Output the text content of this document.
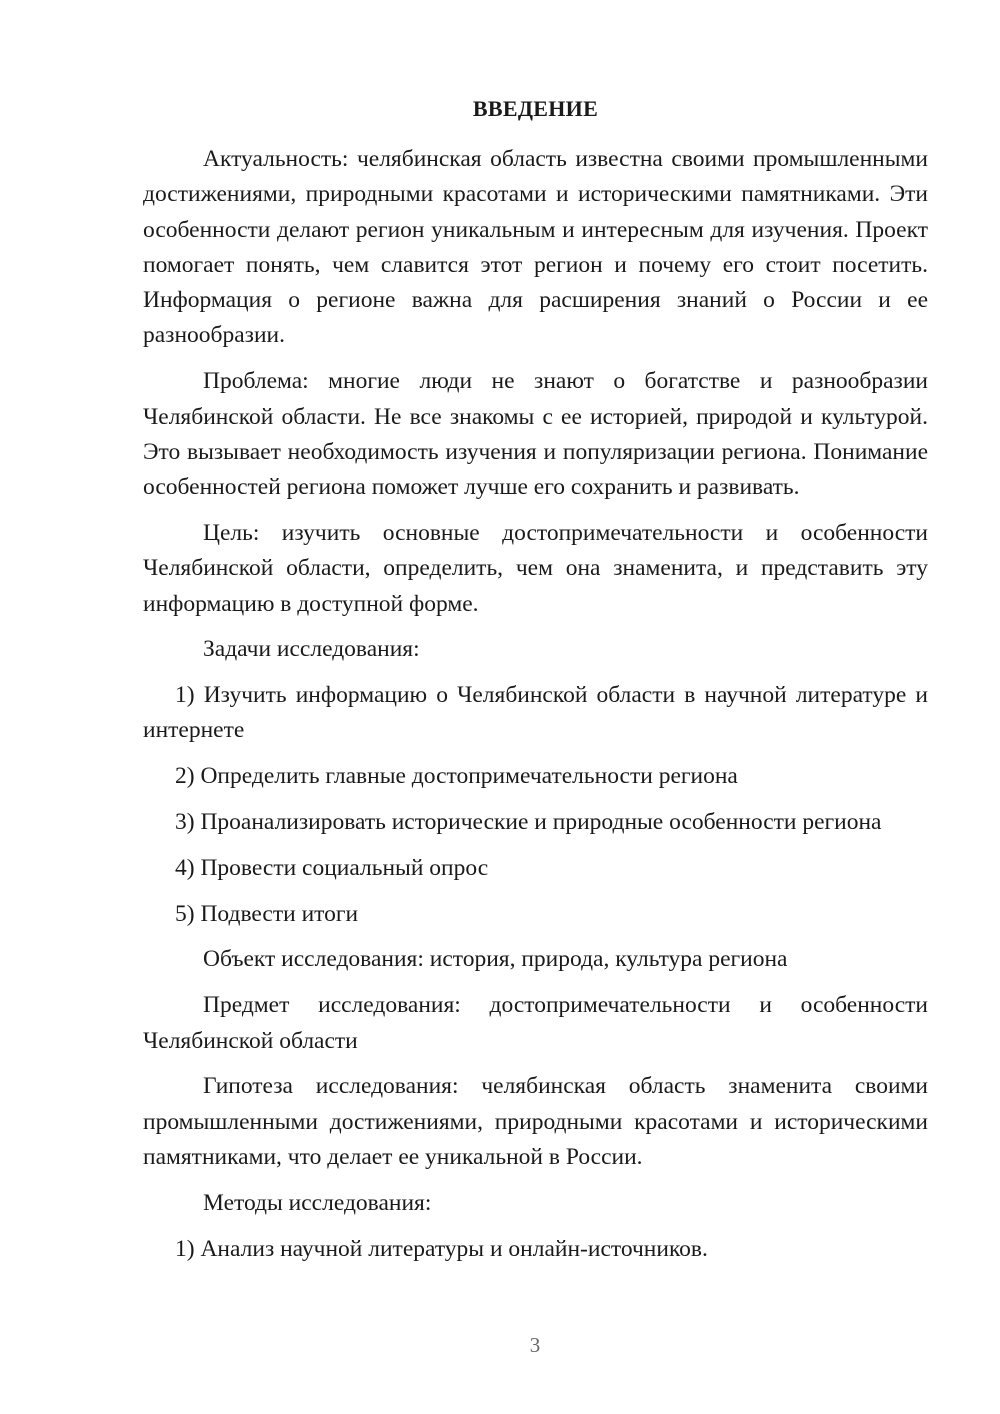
ВВЕДЕНИЕ

Актуальность: челябинская область известна своими промышленными достижениями, природными красотами и историческими памятниками. Эти особенности делают регион уникальным и интересным для изучения. Проект помогает понять, чем славится этот регион и почему его стоит посетить. Информация о регионе важна для расширения знаний о России и ее разнообразии.

Проблема: многие люди не знают о богатстве и разнообразии Челябинской области. Не все знакомы с ее историей, природой и культурой. Это вызывает необходимость изучения и популяризации региона. Понимание особенностей региона поможет лучше его сохранить и развивать.

Цель: изучить основные достопримечательности и особенности Челябинской области, определить, чем она знаменита, и представить эту информацию в доступной форме.

Задачи исследования:

1) Изучить информацию о Челябинской области в научной литературе и интернете

2) Определить главные достопримечательности региона

3) Проанализировать исторические и природные особенности региона

4) Провести социальный опрос

5) Подвести итоги

Объект исследования: история, природа, культура региона

Предмет исследования: достопримечательности и особенности Челябинской области

Гипотеза исследования: челябинская область знаменита своими промышленными достижениями, природными красотами и историческими памятниками, что делает ее уникальной в России.

Методы исследования:

1) Анализ научной литературы и онлайн-источников.

3
